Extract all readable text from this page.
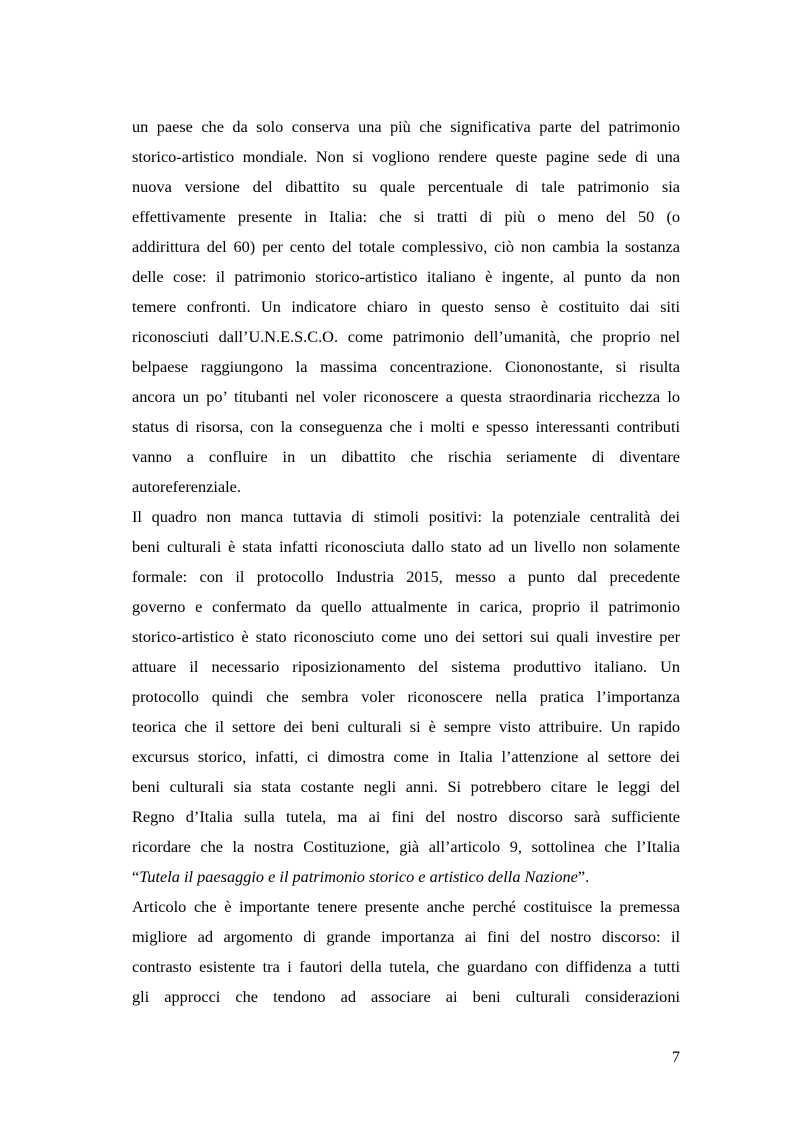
un paese che da solo conserva una più che significativa parte del patrimonio
storico-artistico mondiale. Non si vogliono rendere queste pagine sede di una
nuova versione del dibattito su quale percentuale di tale patrimonio sia
effettivamente presente in Italia: che si tratti di più o meno del 50 (o
addirittura del 60) per cento del totale complessivo, ciò non cambia la sostanza
delle cose: il patrimonio storico-artistico italiano è ingente, al punto da non
temere confronti. Un indicatore chiaro in questo senso è costituito dai siti
riconosciuti dall’U.N.E.S.C.O. come patrimonio dell’umanità, che proprio nel
belpaese raggiungono la massima concentrazione. Ciononostante, si risulta
ancora un po’ titubanti nel voler riconoscere a questa straordinaria ricchezza lo
status di risorsa, con la conseguenza che i molti e spesso interessanti contributi
vanno a confluire in un dibattito che rischia seriamente di diventare
autoreferenziale.
Il quadro non manca tuttavia di stimoli positivi: la potenziale centralità dei
beni culturali è stata infatti riconosciuta dallo stato ad un livello non solamente
formale: con il protocollo Industria 2015, messo a punto dal precedente
governo e confermato da quello attualmente in carica, proprio il patrimonio
storico-artistico è stato riconosciuto come uno dei settori sui quali investire per
attuare il necessario riposizionamento del sistema produttivo italiano. Un
protocollo quindi che sembra voler riconoscere nella pratica l’importanza
teorica che il settore dei beni culturali si è sempre visto attribuire. Un rapido
excursus storico, infatti, ci dimostra come in Italia l’attenzione al settore dei
beni culturali sia stata costante negli anni. Si potrebbero citare le leggi del
Regno d’Italia sulla tutela, ma ai fini del nostro discorso sarà sufficiente
ricordare che la nostra Costituzione, già all’articolo 9, sottolinea che l’Italia
“Tutela il paesaggio e il patrimonio storico e artistico della Nazione”.
Articolo che è importante tenere presente anche perché costituisce la premessa
migliore ad argomento di grande importanza ai fini del nostro discorso: il
contrasto esistente tra i fautori della tutela, che guardano con diffidenza a tutti
gli approcci che tendono ad associare ai beni culturali considerazioni
7
